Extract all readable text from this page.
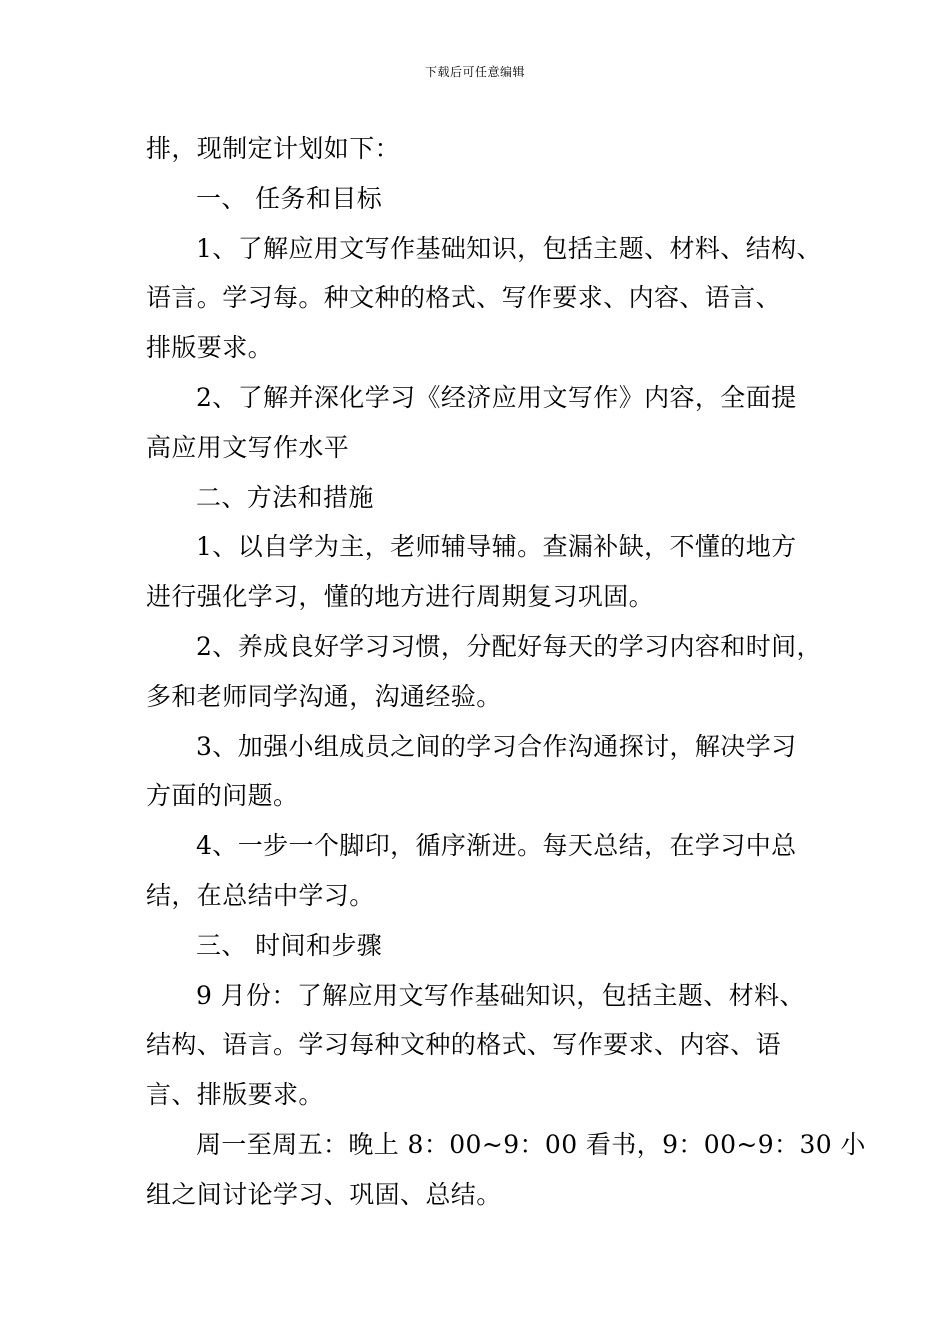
下载后可任意编辑
排，现制定计划如下：
一、 任务和目标
1、了解应用文写作基础知识，包括主题、材料、结构、
语言。学习每。种文种的格式、写作要求、内容、语言、
排版要求。
2、了解并深化学习《经济应用文写作》内容，全面提
高应用文写作水平
二、方法和措施
1、以自学为主，老师辅导辅。查漏补缺，不懂的地方
进行强化学习，懂的地方进行周期复习巩固。
2、养成良好学习习惯，分配好每天的学习内容和时间，
多和老师同学沟通，沟通经验。
3、加强小组成员之间的学习合作沟通探讨，解决学习
方面的问题。
4、一步一个脚印，循序渐进。每天总结，在学习中总
结，在总结中学习。
三、 时间和步骤
9 月份：了解应用文写作基础知识，包括主题、材料、
结构、语言。学习每种文种的格式、写作要求、内容、语
言、排版要求。
周一至周五：晚上 8：00~9：00 看书，9：00~9：30 小
组之间讨论学习、巩固、总结。
